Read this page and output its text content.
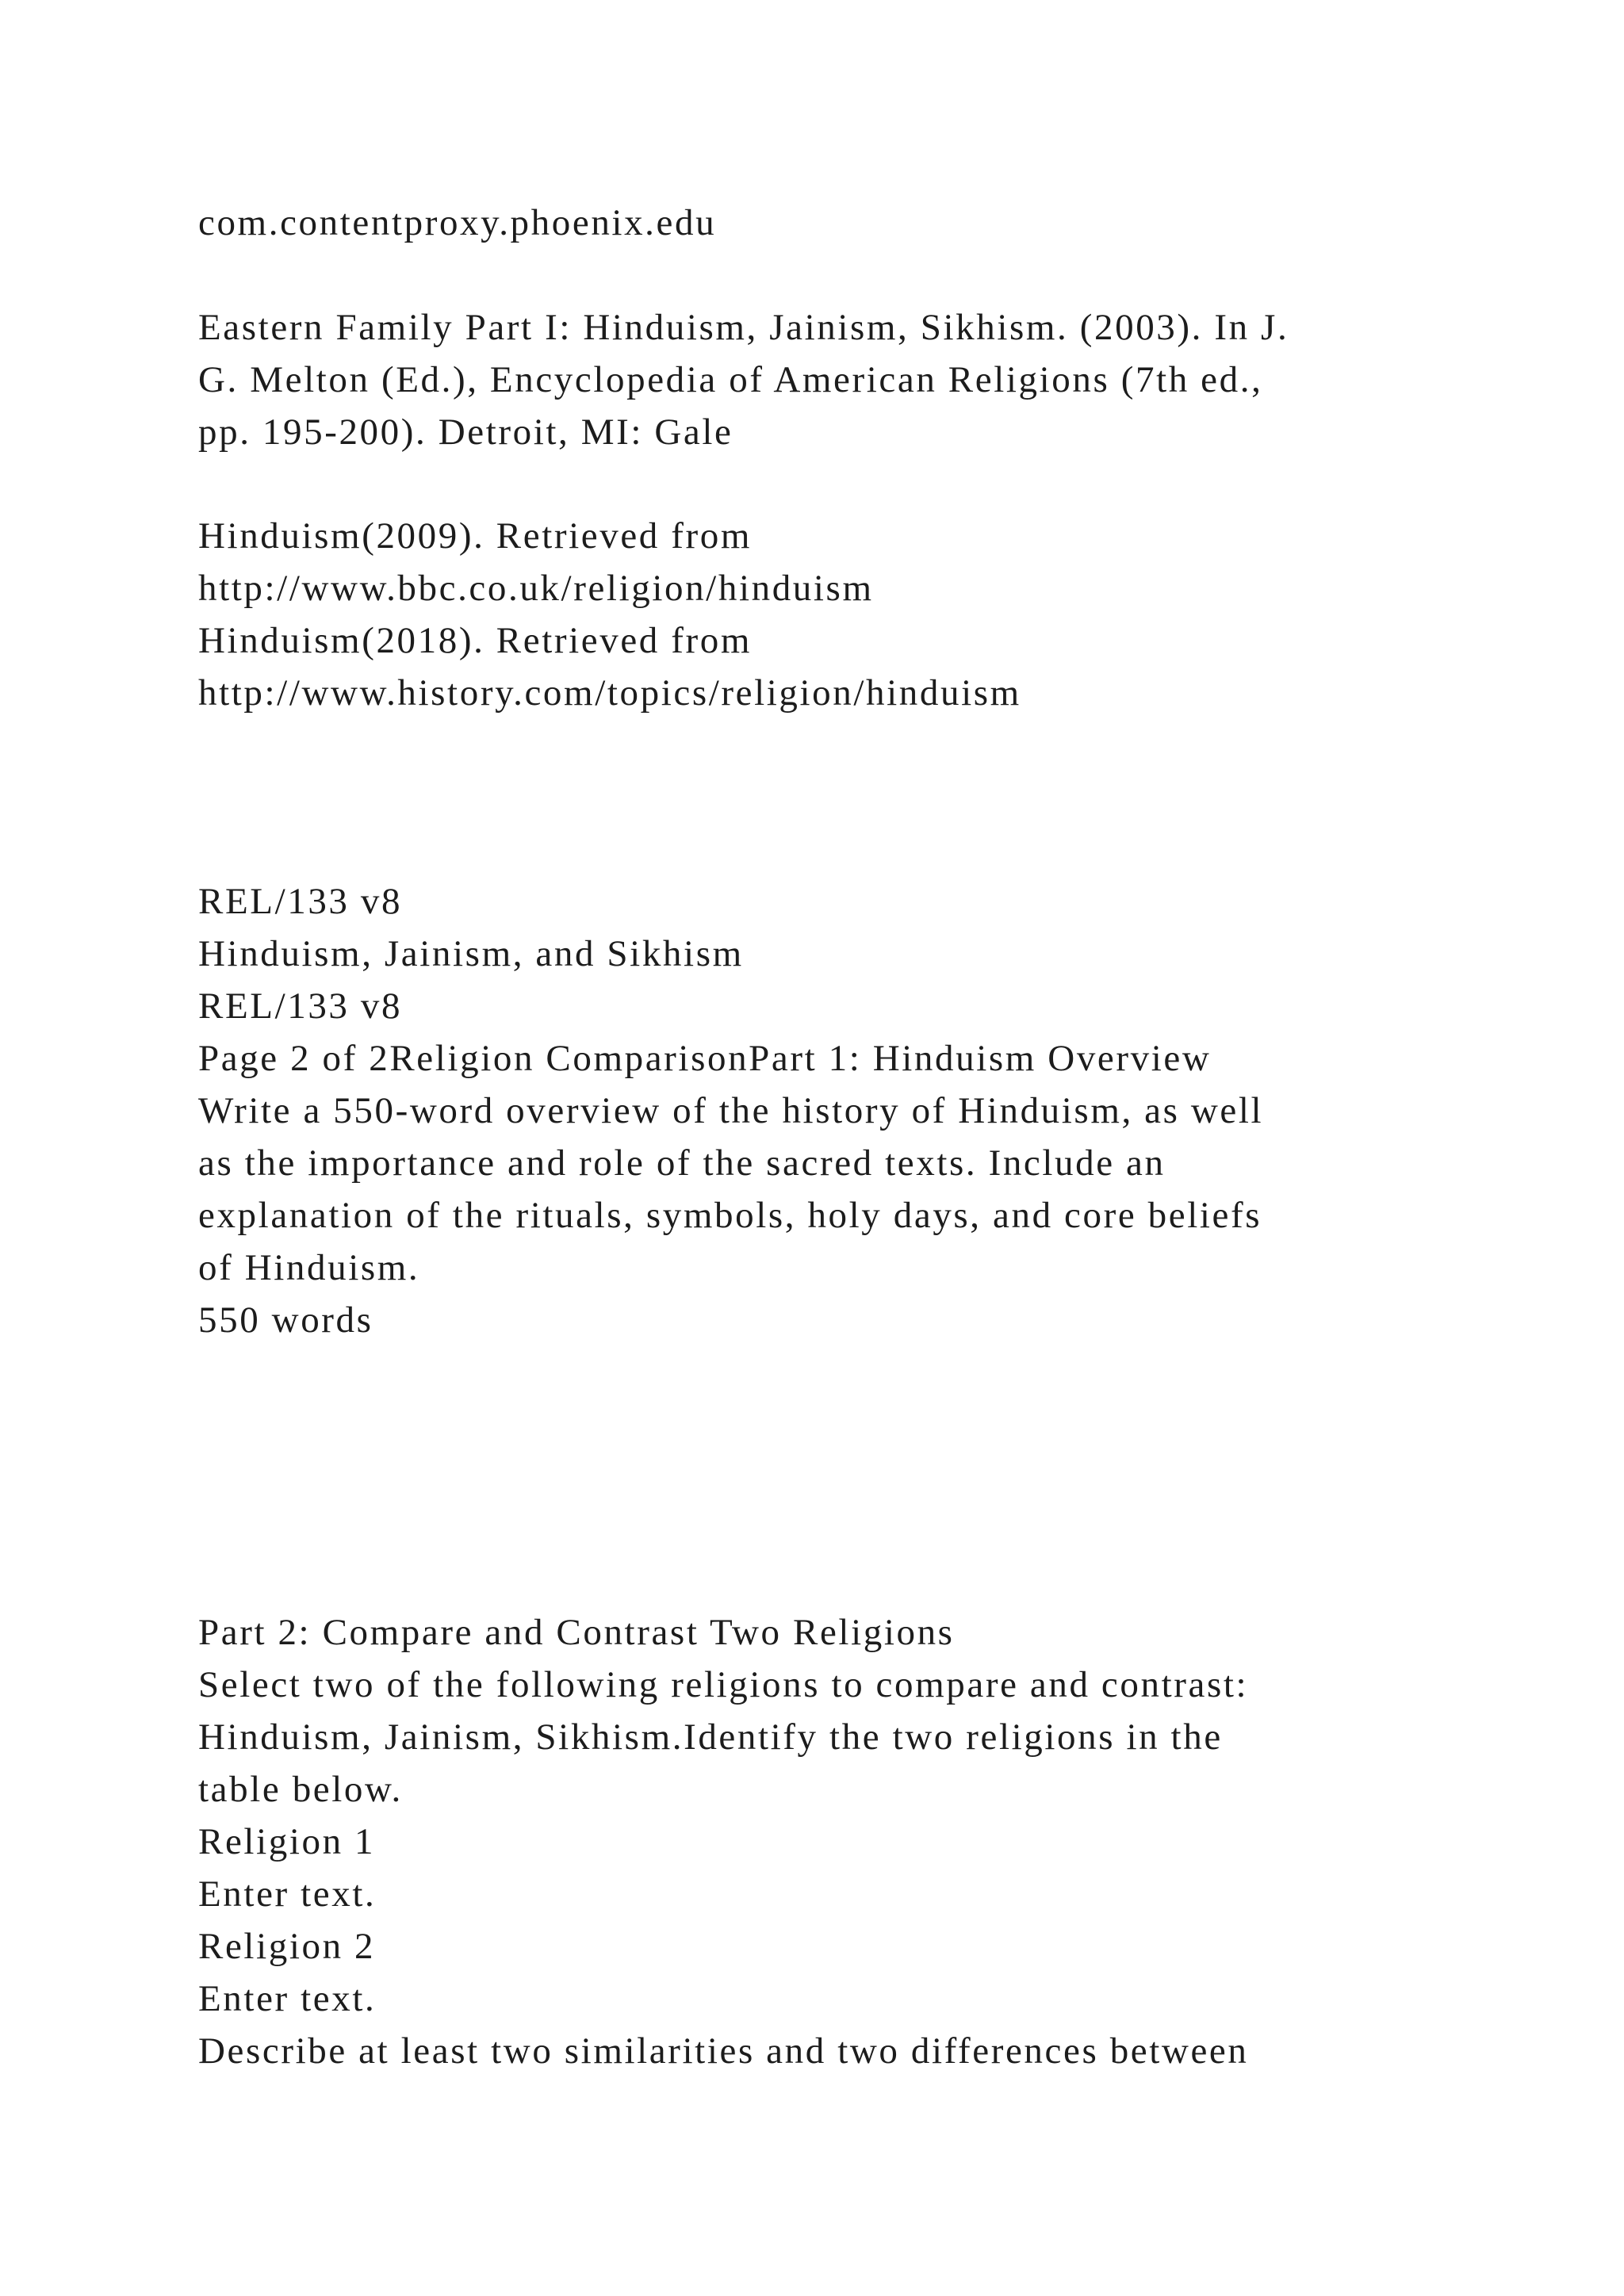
com.contentproxy.phoenix.edu
Eastern Family Part I: Hinduism, Jainism, Sikhism. (2003). In J.
G. Melton (Ed.), Encyclopedia of American Religions (7th ed.,
pp. 195-200). Detroit, MI: Gale
Hinduism(2009). Retrieved from
http://www.bbc.co.uk/religion/hinduism
Hinduism(2018). Retrieved from
http://www.history.com/topics/religion/hinduism
REL/133 v8
Hinduism, Jainism, and Sikhism
REL/133 v8
Page 2 of 2Religion ComparisonPart 1: Hinduism Overview
Write a 550-word overview of the history of Hinduism, as well
as the importance and role of the sacred texts. Include an
explanation of the rituals, symbols, holy days, and core beliefs
of Hinduism.
550 words
Part 2: Compare and Contrast Two Religions
Select two of the following religions to compare and contrast:
Hinduism, Jainism, Sikhism.Identify the two religions in the
table below.
Religion 1
Enter text.
Religion 2
Enter text.
Describe at least two similarities and two differences between
